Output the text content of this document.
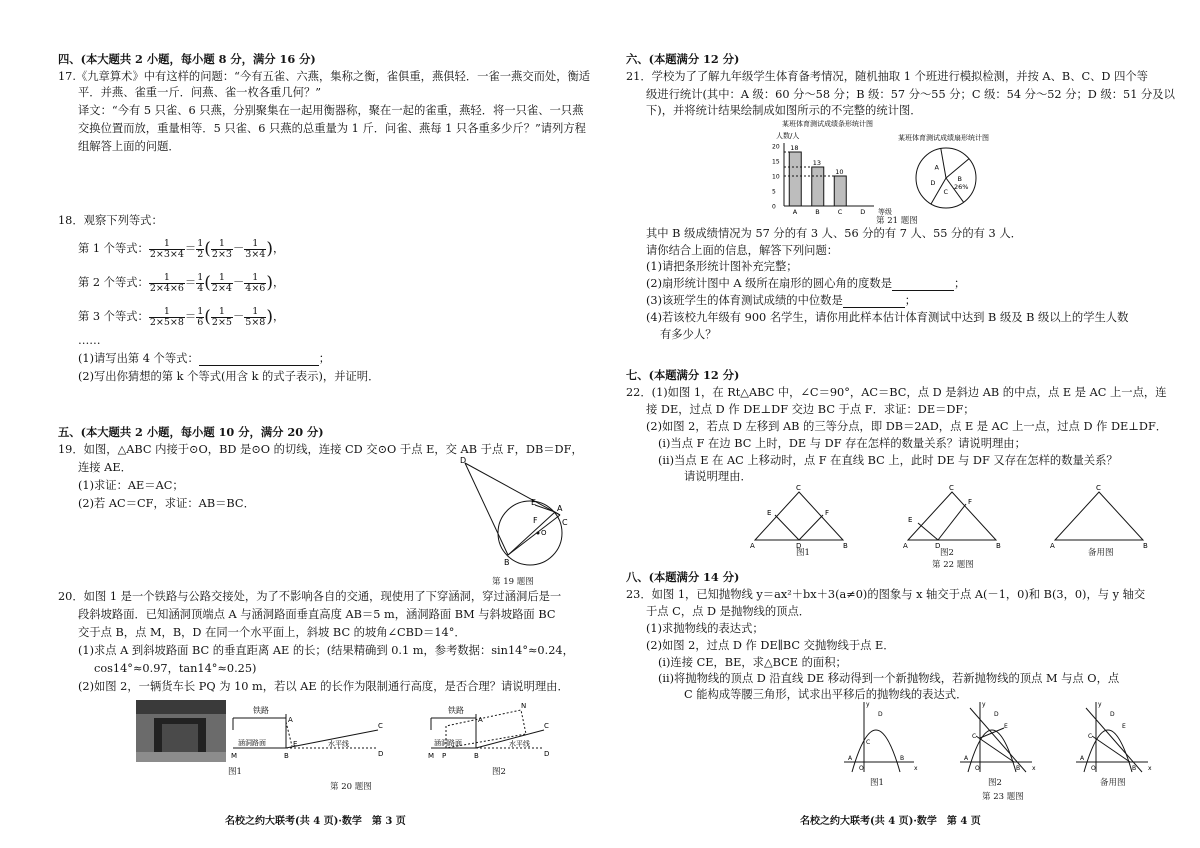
四、(本大题共 2 小题，每小题 8 分，满分 16 分)
17.《九章算术》中有这样的问题：“今有五雀、六燕，集称之衡，雀俱重，燕俱轻．一雀一燕交而处，衡适
平．并燕、雀重一斤．问燕、雀一枚各重几何？”
译文：“今有 5 只雀、6 只燕，分别聚集在一起用衡器称，聚在一起的雀重，燕轻．将一只雀、一只燕
交换位置而放，重量相等．5 只雀、6 只燕的总重量为 1 斤．问雀、燕每 1 只各重多少斤？”请列方程
组解答上面的问题．
18．观察下列等式：
第 1 个等式： $\frac{1}{2\times 3\times 4} = \frac{1}{2}$ ( $\frac{1}{2\times 3} - \frac{1}{3\times 4}$ )，
第 2 个等式： $\frac{1}{2\times 4\times 6} = \frac{1}{4}$ ( $\frac{1}{2\times 4} - \frac{1}{4\times 6}$ )，
第 3 个等式： $\frac{1}{2\times 5\times 8} = \frac{1}{6}$ ( $\frac{1}{2\times 5} - \frac{1}{5\times 8}$ )，
……
(1)请写出第 4 个等式：	；
(2)写出你猜想的第 k 个等式(用含 k 的式子表示)，并证明．
五、(本大题共 2 小题，每小题 10 分，满分 20 分)
19．如图，△ABC 内接于⊙O，BD 是⊙O 的切线，连接 CD 交⊙O 于点 E，交 AB 于点 F，DB＝DF，
连接 AE．
(1)求证：AE＝AC；
(2)若 AC＝CF，求证：AB＝BC．
B
D
E
A
C
F
O
第 19 题图
20．如图 1 是一个铁路与公路交接处，为了不影响各自的交通，现使用了下穿涵洞，穿过涵洞后是一
段斜坡路面．已知涵洞顶端点 A 与涵洞路面垂直高度 AB＝5 m，涵洞路面 BM 与斜坡路面 BC
交于点 B，点 M，B，D 在同一个水平面上，斜坡 BC 的坡角∠CBD＝14°．
(1)求点 A 到斜坡路面 BC 的垂直距离 AE 的长；(结果精确到 0.1 m，参考数据：sin14°≈0.24，
cos14°≈0.97，tan14°≈0.25)
(2)如图 2，一辆货车长 PQ 为 10 m，若以 AE 的长作为限制通行高度，是否合理？请说明理由．
铁路
涵洞路面	水平线
A
B
E
C
D
M
图1
铁路
涵洞路面	水平线
A
B
P
N
C
D
M
图2
第 20 题图
名校之约大联考(共 4 页)·数学　第 3 页
六、(本题满分 12 分)
21．学校为了了解九年级学生体育备考情况，随机抽取 1 个班进行模拟检测，并按 A、B、C、D 四个等
级进行统计(其中：A 级：60 分～58 分；B 级：57 分～55 分；C 级：54 分～52 分；D 级：51 分及以
下)，并将统计结果绘制成如图所示的不完整的统计图．
某班体育测试成绩条形统计图
人数/人
0
5
10
15
20 18
A
13
B
10
C	D 等级
某班体育测试成绩扇形统计图
A
B
26%
C
D
第 21 题图
其中 B 级成绩情况为 57 分的有 3 人、56 分的有 7 人、55 分的有 3 人．
请你结合上面的信息，解答下列问题：
(1)请把条形统计图补充完整；
(2)扇形统计图中 A 级所在扇形的圆心角的度数是	；
(3)该班学生的体育测试成绩的中位数是	；
(4)若该校九年级有 900 名学生，请你用此样本估计体育测试中达到 B 级及 B 级以上的学生人数
有多少人？
七、(本题满分 12 分)
22．(1)如图 1，在 Rt△ABC 中，∠C＝90°，AC＝BC，点 D 是斜边 AB 的中点，点 E 是 AC 上一点，连
接 DE，过点 D 作 DE⊥DF 交边 BC 于点 F．求证：DE＝DF；
(2)如图 2，若点 D 左移到 AB 的三等分点，即 DB＝2AD，点 E 是 AC 上一点，过点 D 作 DE⊥DF．
(ⅰ)当点 F 在边 BC 上时，DE 与 DF 存在怎样的数量关系？请说明理由；
(ⅱ)当点 E 在 AC 上移动时，点 F 在直线 BC 上，此时 DE 与 DF 又存在怎样的数量关系？
请说明理由．
C
A	B
D
E	F
图1
C
A	B
D
E
F
图2
C
A	B
备用图
第 22 题图
八、(本题满分 14 分)
23．如图 1，已知抛物线 y＝ax²＋bx＋3(a≠0)的图象与 x 轴交于点 A(－1，0)和 B(3，0)，与 y 轴交
于点 C，点 D 是抛物线的顶点．
(1)求抛物线的表达式；
(2)如图 2，过点 D 作 DE∥BC 交抛物线于点 E．
(ⅰ)连接 CE，BE，求△BCE 的面积；
(ⅱ)将抛物线的顶点 D 沿直线 DE 移动得到一个新抛物线，若新抛物线的顶点 M 与点 O，点
C 能构成等腰三角形，试求出平移后的抛物线的表达式．
x
y
A
O
B
C
D
图1
x
y
A
O	B
C
D
E
图2
x
y
A
O	B
C
D
E
备用图
第 23 题图
名校之约大联考(共 4 页)·数学　第 4 页
